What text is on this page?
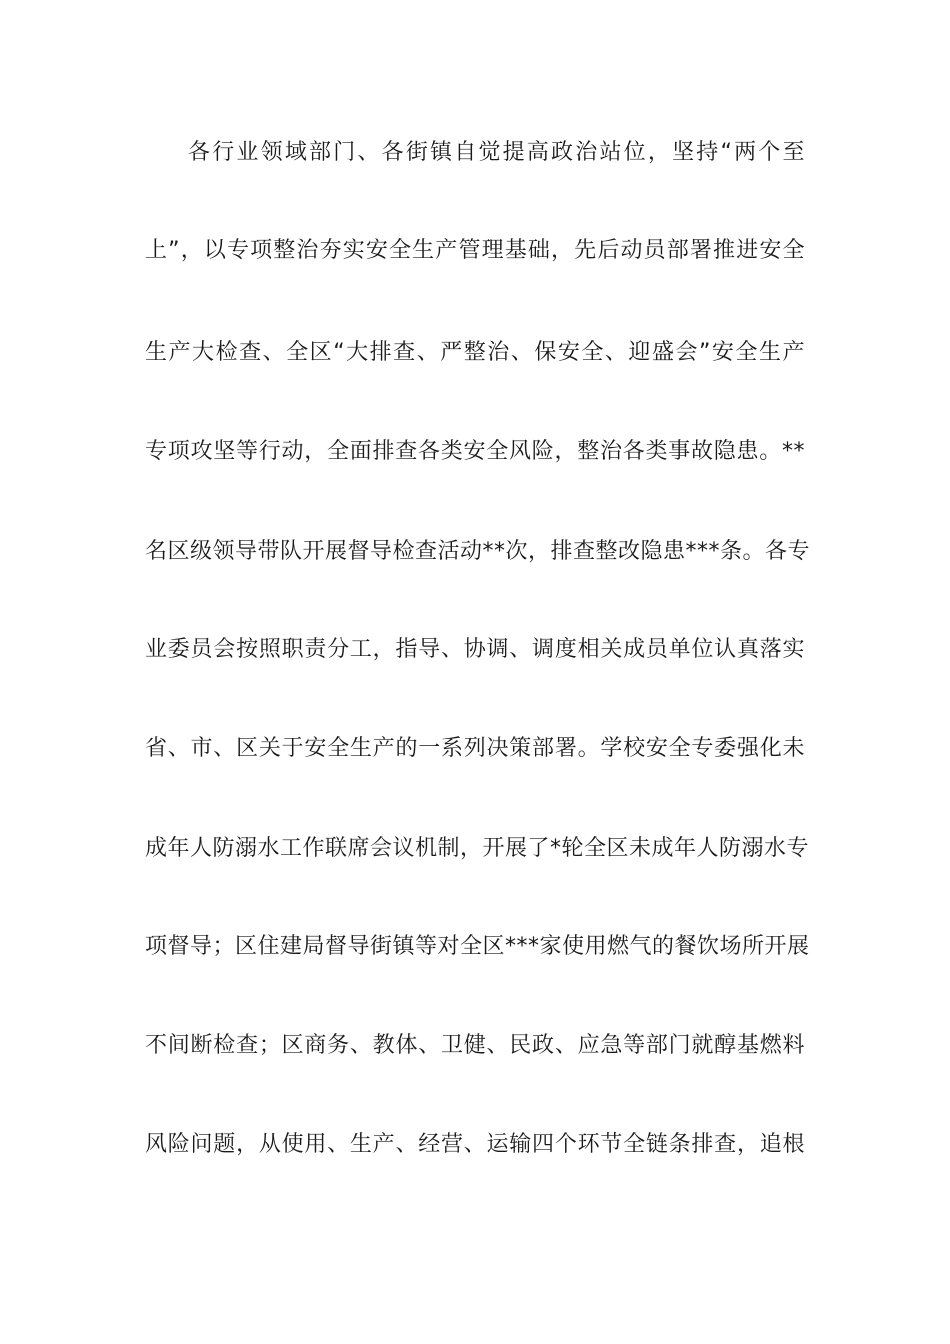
各行业领域部门、各街镇自觉提高政治站位，坚持“两个至
上”，以专项整治夯实安全生产管理基础，先后动员部署推进安全
生产大检查、全区“大排查、严整治、保安全、迎盛会”安全生产
专项攻坚等行动，全面排查各类安全风险，整治各类事故隐患。**
名区级领导带队开展督导检查活动**次，排查整改隐患***条。各专
业委员会按照职责分工，指导、协调、调度相关成员单位认真落实
省、市、区关于安全生产的一系列决策部署。学校安全专委强化未
成年人防溺水工作联席会议机制，开展了*轮全区未成年人防溺水专
项督导；区住建局督导街镇等对全区***家使用燃气的餐饮场所开展
不间断检查；区商务、教体、卫健、民政、应急等部门就醇基燃料
风险问题，从使用、生产、经营、运输四个环节全链条排查，追根
